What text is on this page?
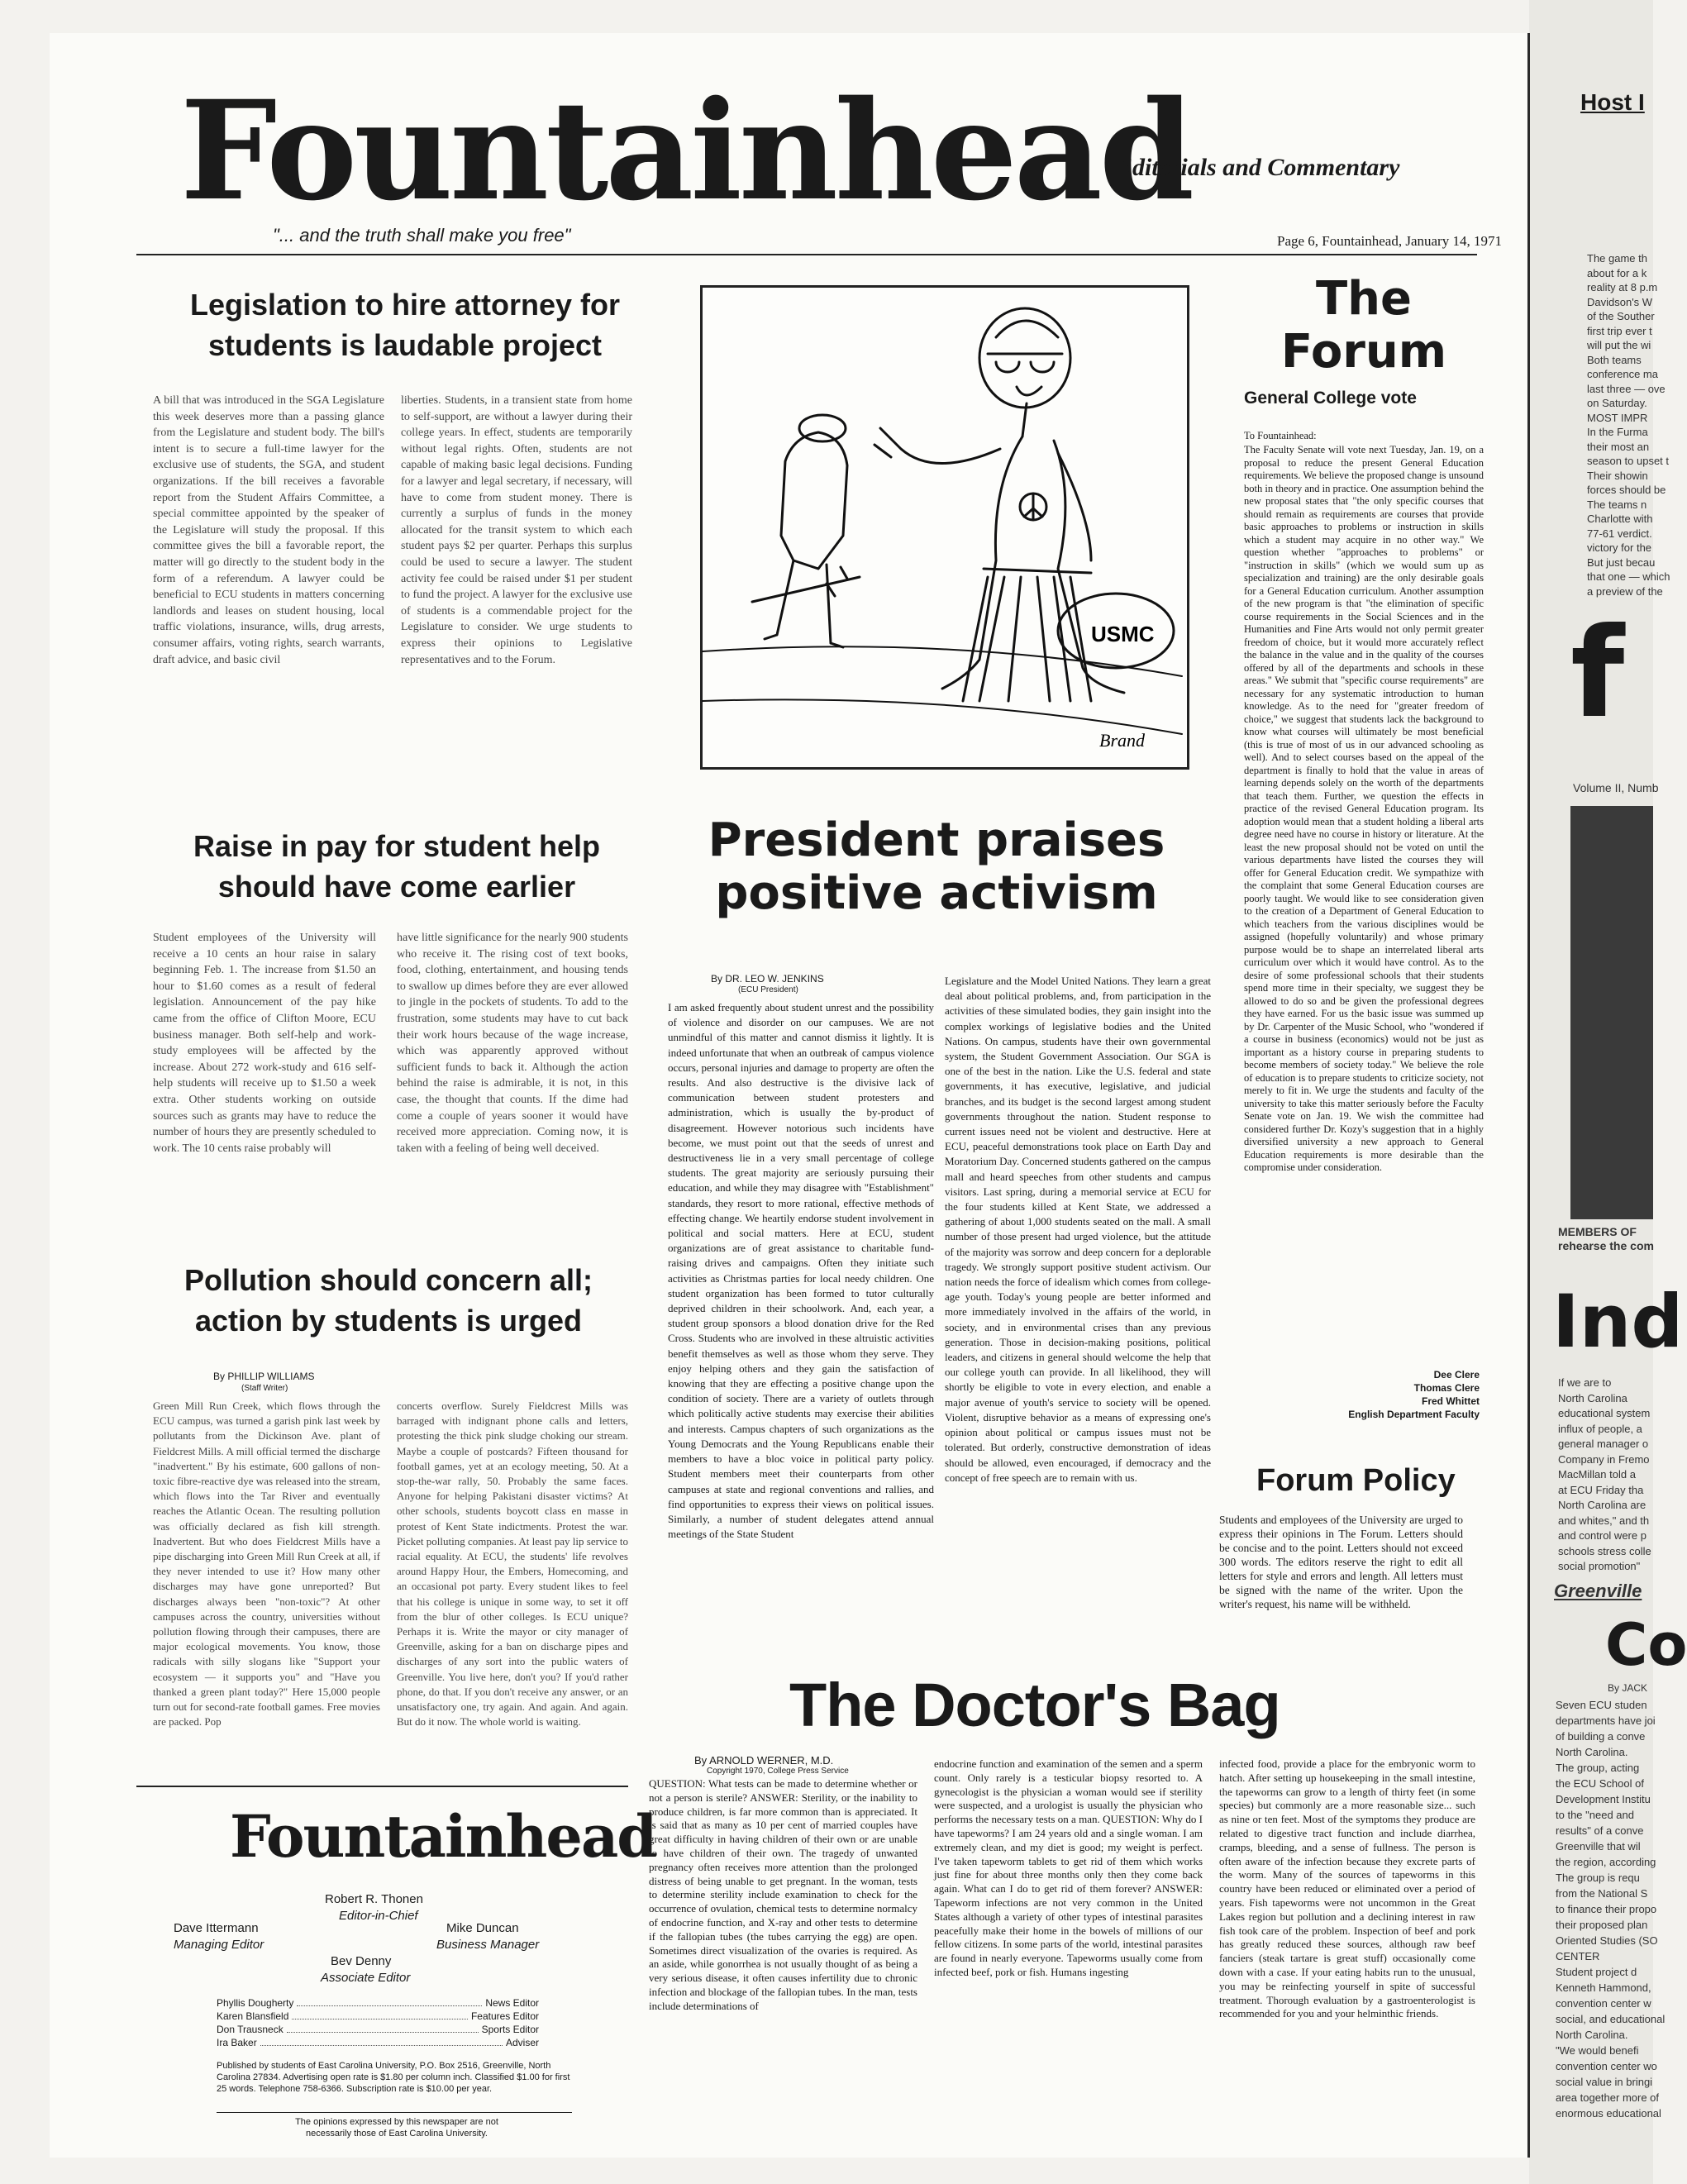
Fountainhead
"... and the truth shall make you free"
Editorials and Commentary
Page 6, Fountainhead, January 14, 1971
Legislation to hire attorney for students is laudable project
A bill that was introduced in the SGA Legislature this week deserves more than a passing glance from the Legislature and student body. The bill's intent is to secure a full-time lawyer for the exclusive use of students, the SGA, and student organizations. If the bill receives a favorable report from the Student Affairs Committee, a special committee appointed by the speaker of the Legislature will study the proposal. If this committee gives the bill a favorable report, the matter will go directly to the student body in the form of a referendum. A lawyer could be beneficial to ECU students in matters concerning landlords and leases on student housing, local traffic violations, insurance, wills, drug arrests, consumer affairs, voting rights, search warrants, draft advice, and basic civil
liberties. Students, in a transient state from home to self-support, are without a lawyer during their college years. In effect, students are temporarily without legal rights. Often, students are not capable of making basic legal decisions. Funding for a lawyer and legal secretary, if necessary, will have to come from student money. There is currently a surplus of funds in the money allocated for the transit system to which each student pays $2 per quarter. Perhaps this surplus could be used to secure a lawyer. The student activity fee could be raised under $1 per student to fund the project. A lawyer for the exclusive use of students is a commendable project for the Legislature to consider. We urge students to express their opinions to Legislative representatives and to the Forum.
Raise in pay for student help should have come earlier
Student employees of the University will receive a 10 cents an hour raise in salary beginning Feb. 1. The increase from $1.50 an hour to $1.60 comes as a result of federal legislation. Announcement of the pay hike came from the office of Clifton Moore, ECU business manager. Both self-help and work-study employees will be affected by the increase. About 272 work-study and 616 self-help students will receive up to $1.50 a week extra. Other students working on outside sources such as grants may have to reduce the number of hours they are presently scheduled to work. The 10 cents raise probably will
have little significance for the nearly 900 students who receive it. The rising cost of text books, food, clothing, entertainment, and housing tends to swallow up dimes before they are ever allowed to jingle in the pockets of students. To add to the frustration, some students may have to cut back their work hours because of the wage increase, which was apparently approved without sufficient funds to back it. Although the action behind the raise is admirable, it is not, in this case, the thought that counts. If the dime had come a couple of years sooner it would have received more appreciation. Coming now, it is taken with a feeling of being well deceived.
Pollution should concern all; action by students is urged
By PHILLIP WILLIAMS
(Staff Writer)
Green Mill Run Creek, which flows through the ECU campus, was turned a garish pink last week by pollutants from the Dickinson Ave. plant of Fieldcrest Mills. A mill official termed the discharge "inadvertent." By his estimate, 600 gallons of non-toxic fibre-reactive dye was released into the stream, which flows into the Tar River and eventually reaches the Atlantic Ocean. The resulting pollution was officially declared as fish kill strength. Inadvertent. But who does Fieldcrest Mills have a pipe discharging into Green Mill Run Creek at all, if they never intended to use it? How many other discharges may have gone unreported? But discharges always been "non-toxic"? At other campuses across the country, universities without pollution flowing through their campuses, there are major ecological movements. You know, those radicals with silly slogans like "Support your ecosystem — it supports you" and "Have you thanked a green plant today?" Here 15,000 people turn out for second-rate football games. Free movies are packed. Pop
concerts overflow. Surely Fieldcrest Mills was barraged with indignant phone calls and letters, protesting the thick pink sludge choking our stream. Maybe a couple of postcards? Fifteen thousand for football games, yet at an ecology meeting, 50. At a stop-the-war rally, 50. Probably the same faces. Anyone for helping Pakistani disaster victims? At other schools, students boycott class en masse in protest of Kent State indictments. Protest the war. Picket polluting companies. At least pay lip service to racial equality. At ECU, the students' life revolves around Happy Hour, the Embers, Homecoming, and an occasional pot party. Every student likes to feel that his college is unique in some way, to set it off from the blur of other colleges. Is ECU unique? Perhaps it is. Write the mayor or city manager of Greenville, asking for a ban on discharge pipes and discharges of any sort into the public waters of Greenville. You live here, don't you? If you'd rather phone, do that. If you don't receive any answer, or an unsatisfactory one, try again. And again. And again. But do it now. The whole world is waiting.
Fountainhead
Robert R. Thonen
Editor-in-Chief
Dave Ittermann
Managing Editor
Mike Duncan
Business Manager
Bev Denny
Associate Editor
Phyllis Dougherty	News Editor
Karen Blansfield	Features Editor
Don Trausneck	Sports Editor
Ira Baker	Adviser
Published by students of East Carolina University, P.O. Box 2516, Greenville, North Carolina 27834. Advertising open rate is $1.80 per column inch. Classified $1.00 for first 25 words. Telephone 758-6366. Subscription rate is $10.00 per year.
The opinions expressed by this newspaper are not necessarily those of East Carolina University.
USMC
Brand
President praises positive activism
By DR. LEO W. JENKINS
(ECU President)
I am asked frequently about student unrest and the possibility of violence and disorder on our campuses. We are not unmindful of this matter and cannot dismiss it lightly. It is indeed unfortunate that when an outbreak of campus violence occurs, personal injuries and damage to property are often the results. And also destructive is the divisive lack of communication between student protesters and administration, which is usually the by-product of disagreement. However notorious such incidents have become, we must point out that the seeds of unrest and destructiveness lie in a very small percentage of college students. The great majority are seriously pursuing their education, and while they may disagree with "Establishment" standards, they resort to more rational, effective methods of effecting change. We heartily endorse student involvement in political and social matters. Here at ECU, student organizations are of great assistance to charitable fund-raising drives and campaigns. Often they initiate such activities as Christmas parties for local needy children. One student organization has been formed to tutor culturally deprived children in their schoolwork. And, each year, a student group sponsors a blood donation drive for the Red Cross. Students who are involved in these altruistic activities benefit themselves as well as those whom they serve. They enjoy helping others and they gain the satisfaction of knowing that they are effecting a positive change upon the condition of society. There are a variety of outlets through which politically active students may exercise their abilities and interests. Campus chapters of such organizations as the Young Democrats and the Young Republicans enable their members to have a bloc voice in political party policy. Student members meet their counterparts from other campuses at state and regional conventions and rallies, and find opportunities to express their views on political issues. Similarly, a number of student delegates attend annual meetings of the State Student
Legislature and the Model United Nations. They learn a great deal about political problems, and, from participation in the activities of these simulated bodies, they gain insight into the complex workings of legislative bodies and the United Nations. On campus, students have their own governmental system, the Student Government Association. Our SGA is one of the best in the nation. Like the U.S. federal and state governments, it has executive, legislative, and judicial branches, and its budget is the second largest among student governments throughout the nation. Student response to current issues need not be violent and destructive. Here at ECU, peaceful demonstrations took place on Earth Day and Moratorium Day. Concerned students gathered on the campus mall and heard speeches from other students and campus visitors. Last spring, during a memorial service at ECU for the four students killed at Kent State, we addressed a gathering of about 1,000 students seated on the mall. A small number of those present had urged violence, but the attitude of the majority was sorrow and deep concern for a deplorable tragedy. We strongly support positive student activism. Our nation needs the force of idealism which comes from college-age youth. Today's young people are better informed and more immediately involved in the affairs of the world, in society, and in environmental crises than any previous generation. Those in decision-making positions, political leaders, and citizens in general should welcome the help that our college youth can provide. In all likelihood, they will shortly be eligible to vote in every election, and enable a major avenue of youth's service to society will be opened. Violent, disruptive behavior as a means of expressing one's opinion about political or campus issues must not be tolerated. But orderly, constructive demonstration of ideas should be allowed, even encouraged, if democracy and the concept of free speech are to remain with us.
The Forum
General College vote
To Fountainhead:
The Faculty Senate will vote next Tuesday, Jan. 19, on a proposal to reduce the present General Education requirements. We believe the proposed change is unsound both in theory and in practice. One assumption behind the new proposal states that "the only specific courses that should remain as requirements are courses that provide basic approaches to problems or instruction in skills which a student may acquire in no other way." We question whether "approaches to problems" or "instruction in skills" (which we would sum up as specialization and training) are the only desirable goals for a General Education curriculum. Another assumption of the new program is that "the elimination of specific course requirements in the Social Sciences and in the Humanities and Fine Arts would not only permit greater freedom of choice, but it would more accurately reflect the balance in the value and in the quality of the courses offered by all of the departments and schools in these areas." We submit that "specific course requirements" are necessary for any systematic introduction to human knowledge. As to the need for "greater freedom of choice," we suggest that students lack the background to know what courses will ultimately be most beneficial (this is true of most of us in our advanced schooling as well). And to select courses based on the appeal of the department is finally to hold that the value in areas of learning depends solely on the worth of the departments that teach them. Further, we question the effects in practice of the revised General Education program. Its adoption would mean that a student holding a liberal arts degree need have no course in history or literature. At the least the new proposal should not be voted on until the various departments have listed the courses they will offer for General Education credit. We sympathize with the complaint that some General Education courses are poorly taught. We would like to see consideration given to the creation of a Department of General Education to which teachers from the various disciplines would be assigned (hopefully voluntarily) and whose primary purpose would be to shape an interrelated liberal arts curriculum over which it would have control. As to the desire of some professional schools that their students spend more time in their specialty, we suggest they be allowed to do so and be given the professional degrees they have earned. For us the basic issue was summed up by Dr. Carpenter of the Music School, who "wondered if a course in business (economics) would not be just as important as a history course in preparing students to become members of society today." We believe the role of education is to prepare students to criticize society, not merely to fit in. We urge the students and faculty of the university to take this matter seriously before the Faculty Senate vote on Jan. 19. We wish the committee had considered further Dr. Kozy's suggestion that in a highly diversified university a new approach to General Education requirements is more desirable than the compromise under consideration.
Dee Clere
Thomas Clere
Fred Whittet
English Department Faculty
Forum Policy
Students and employees of the University are urged to express their opinions in The Forum. Letters should be concise and to the point. Letters should not exceed 300 words. The editors reserve the right to edit all letters for style and errors and length. All letters must be signed with the name of the writer. Upon the writer's request, his name will be withheld.
The Doctor's Bag
By ARNOLD WERNER, M.D.
Copyright 1970, College Press Service
QUESTION: What tests can be made to determine whether or not a person is sterile? ANSWER: Sterility, or the inability to produce children, is far more common than is appreciated. It is said that as many as 10 per cent of married couples have great difficulty in having children of their own or are unable to have children of their own. The tragedy of unwanted pregnancy often receives more attention than the prolonged distress of being unable to get pregnant. In the woman, tests to determine sterility include examination to check for the occurrence of ovulation, chemical tests to determine normalcy of endocrine function, and X-ray and other tests to determine if the fallopian tubes (the tubes carrying the egg) are open. Sometimes direct visualization of the ovaries is required. As an aside, while gonorrhea is not usually thought of as being a very serious disease, it often causes infertility due to chronic infection and blockage of the fallopian tubes. In the man, tests include determinations of
endocrine function and examination of the semen and a sperm count. Only rarely is a testicular biopsy resorted to. A gynecologist is the physician a woman would see if sterility were suspected, and a urologist is usually the physician who performs the necessary tests on a man. QUESTION: Why do I have tapeworms? I am 24 years old and a single woman. I am extremely clean, and my diet is good; my weight is perfect. I've taken tapeworm tablets to get rid of them which works just fine for about three months only then they come back again. What can I do to get rid of them forever? ANSWER: Tapeworm infections are not very common in the United States although a variety of other types of intestinal parasites peacefully make their home in the bowels of millions of our fellow citizens. In some parts of the world, intestinal parasites are found in nearly everyone. Tapeworms usually come from infected beef, pork or fish. Humans ingesting
infected food, provide a place for the embryonic worm to hatch. After setting up housekeeping in the small intestine, the tapeworms can grow to a length of thirty feet (in some species) but commonly are a more reasonable size... such as nine or ten feet. Most of the symptoms they produce are related to digestive tract function and include diarrhea, cramps, bleeding, and a sense of fullness. The person is often aware of the infection because they excrete parts of the worm. Many of the sources of tapeworms in this country have been reduced or eliminated over a period of years. Fish tapeworms were not uncommon in the Great Lakes region but pollution and a declining interest in raw fish took care of the problem. Inspection of beef and pork has greatly reduced these sources, although raw beef fanciers (steak tartare is great stuff) occasionally come down with a case. If your eating habits run to the unusual, you may be reinfecting yourself in spite of successful treatment. Thorough evaluation by a gastroenterologist is recommended for you and your helminthic friends.
Host I
The game th
about for a k
reality at 8 p.m
Davidson's W
of the Souther
first trip ever t
will put the wi
Both teams
conference ma
last three — ove
on Saturday.
MOST IMPR
In the Furma
their most an
season to upset t
Their showin
forces should be
The teams n
Charlotte with
77-61 verdict.
victory for the
But just becau
that one — which
a preview of the
f
Volume II, Numb
MEMBERS OF
rehearse the com
Ind
If we are to
North Carolina
educational system
influx of people, a
general manager o
Company in Fremo
MacMillan told a
at ECU Friday tha
North Carolina are
and whites," and th
and control were p
schools stress colle
social promotion"
Greenville
Co
By JACK
Seven ECU studen
departments have joi
of building a conve
North Carolina.
The group, acting
the ECU School of
Development Institu
to the "need and
results" of a conve
Greenville that wil
the region, according
The group is requ
from the National S
to finance their propo
their proposed plan
Oriented Studies (SO
CENTER
Student project d
Kenneth Hammond,
convention center w
social, and educational
North Carolina.
"We would benefi
convention center wo
social value in bringi
area together more of
enormous educational
